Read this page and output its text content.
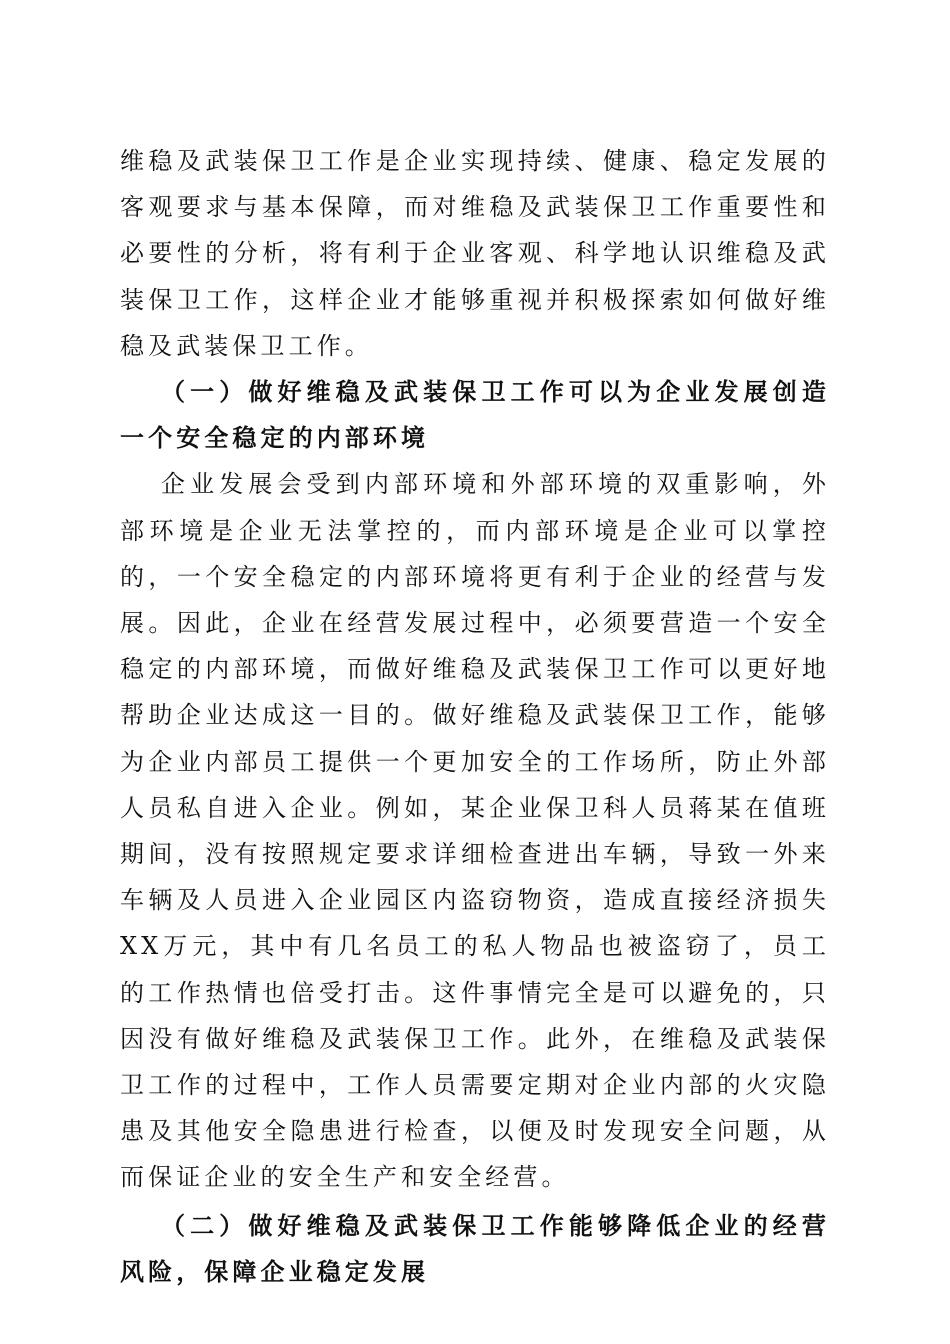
维稳及武装保卫工作是企业实现持续、健康、稳定发展的客观要求与基本保障，而对维稳及武装保卫工作重要性和必要性的分析，将有利于企业客观、科学地认识维稳及武装保卫工作，这样企业才能够重视并积极探索如何做好维稳及武装保卫工作。

（一）做好维稳及武装保卫工作可以为企业发展创造一个安全稳定的内部环境

企业发展会受到内部环境和外部环境的双重影响，外部环境是企业无法掌控的，而内部环境是企业可以掌控的，一个安全稳定的内部环境将更有利于企业的经营与发展。因此，企业在经营发展过程中，必须要营造一个安全稳定的内部环境，而做好维稳及武装保卫工作可以更好地帮助企业达成这一目的。做好维稳及武装保卫工作，能够为企业内部员工提供一个更加安全的工作场所，防止外部人员私自进入企业。例如，某企业保卫科人员蒋某在值班期间，没有按照规定要求详细检查进出车辆，导致一外来车辆及人员进入企业园区内盗窃物资，造成直接经济损失XX万元，其中有几名员工的私人物品也被盗窃了，员工的工作热情也倍受打击。这件事情完全是可以避免的，只因没有做好维稳及武装保卫工作。此外，在维稳及武装保卫工作的过程中，工作人员需要定期对企业内部的火灾隐患及其他安全隐患进行检查，以便及时发现安全问题，从而保证企业的安全生产和安全经营。

（二）做好维稳及武装保卫工作能够降低企业的经营风险，保障企业稳定发展
